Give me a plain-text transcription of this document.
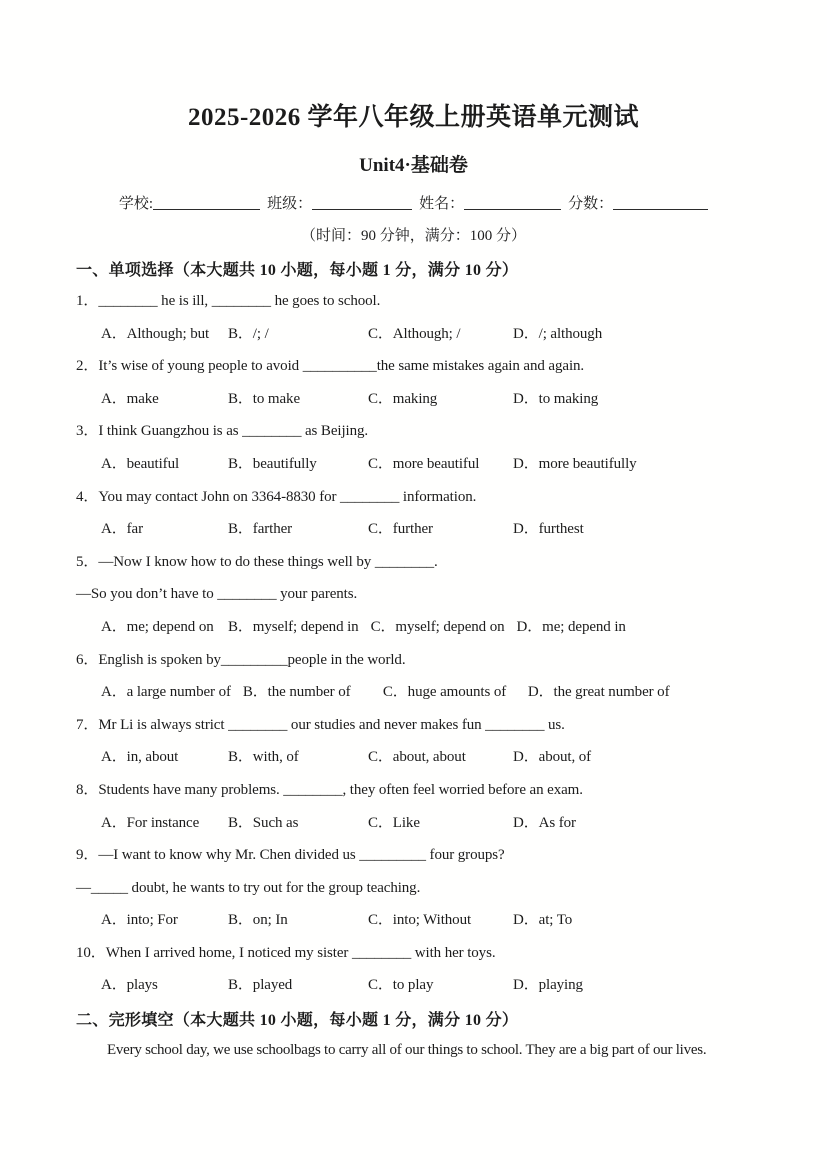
2025-2026 学年八年级上册英语单元测试
Unit4·基础卷
学校:	班级：	姓名：	分数：
（时间：90 分钟，满分：100 分）
一、单项选择（本大题共 10 小题，每小题 1 分，满分 10 分）
1．________ he is ill, ________ he goes to school.
A．Although; but	B．/; /	C．Although; /	D．/; although
2．It’s wise of young people to avoid __________the same mistakes again and again.
A．make	B．to make	C．making	D．to making
3．I think Guangzhou is as ________ as Beijing.
A．beautiful	B．beautifully	C．more beautiful	D．more beautifully
4．You may contact John on 3364-8830 for ________ information.
A．far	B．farther	C．further	D．furthest
5．—Now I know how to do these things well by ________.
—So you don’t have to ________ your parents.
A．me; depend on B．myself; depend in C．myself; depend on D．me; depend in
6．English is spoken by_________people in the world.
A．a large number of B．the number of	C．huge amounts of	D．the great number of
7．Mr Li is always strict ________ our studies and never makes fun ________ us.
A．in, about	B．with, of	C．about, about	D．about, of
8．Students have many problems. ________, they often feel worried before an exam.
A．For instance	B．Such as	C．Like	D．As for
9．—I want to know why Mr. Chen divided us _________ four groups?
—_____ doubt, he wants to try out for the group teaching.
A．into; For	B．on; In	C．into; Without	D．at; To
10．When I arrived home, I noticed my sister ________ with her toys.
A．plays	B．played	C．to play	D．playing
二、完形填空（本大题共 10 小题，每小题 1 分，满分 10 分）
Every school day, we use schoolbags to carry all of our things to school. They are a big part of our lives.
